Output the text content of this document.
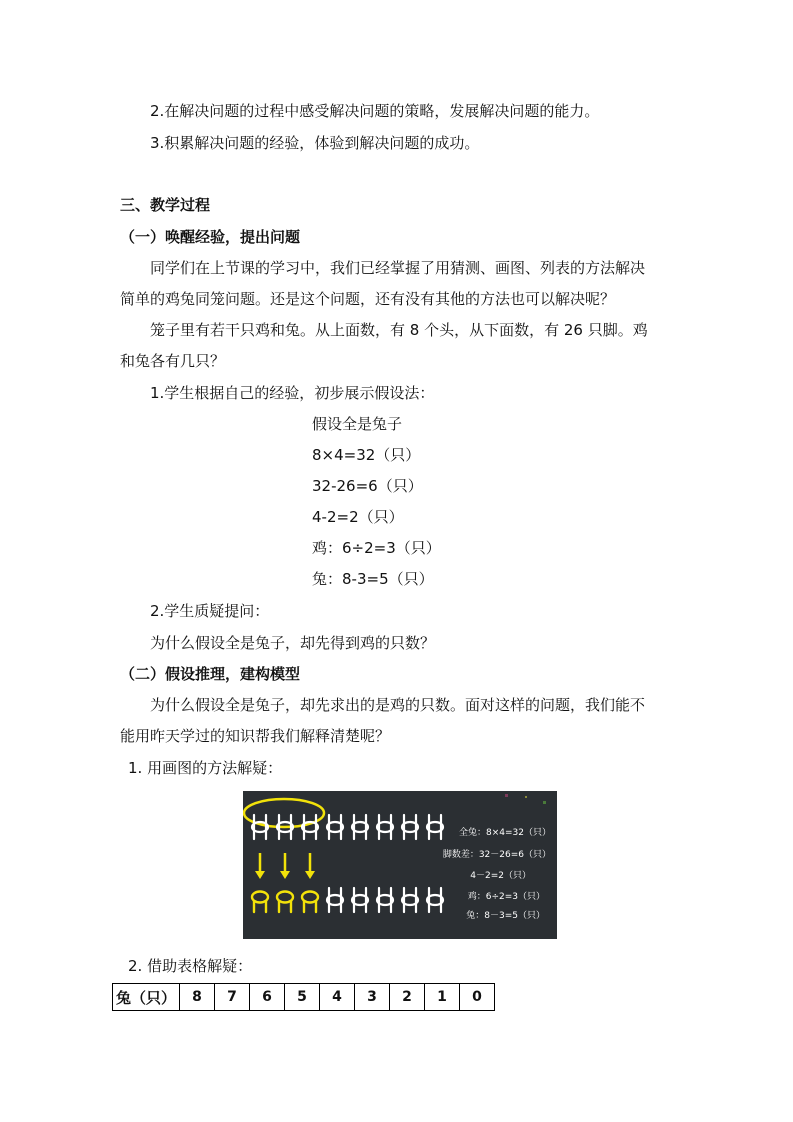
2.在解决问题的过程中感受解决问题的策略，发展解决问题的能力。
3.积累解决问题的经验，体验到解决问题的成功。
三、教学过程
（一）唤醒经验，提出问题
同学们在上节课的学习中，我们已经掌握了用猜测、画图、列表的方法解决
简单的鸡兔同笼问题。还是这个问题，还有没有其他的方法也可以解决呢？
笼子里有若干只鸡和兔。从上面数，有 8 个头，从下面数，有 26 只脚。鸡
和兔各有几只？
1.学生根据自己的经验，初步展示假设法：
假设全是兔子
8×4=32（只）
32-26=6（只）
4-2=2（只）
鸡：6÷2=3（只）
兔：8-3=5（只）
2.学生质疑提问：
为什么假设全是兔子，却先得到鸡的只数？
（二）假设推理，建构模型
为什么假设全是兔子，却先求出的是鸡的只数。面对这样的问题，我们能不
能用昨天学过的知识帮我们解释清楚呢？
1. 用画图的方法解疑：
全兔：8×4=32（只）
脚数差：32－26=6（只）
4－2=2（只）
鸡：6÷2=3（只）
兔：8－3=5（只）
2. 借助表格解疑：
兔（只）	8	7	6	5	4	3	2	1	0
